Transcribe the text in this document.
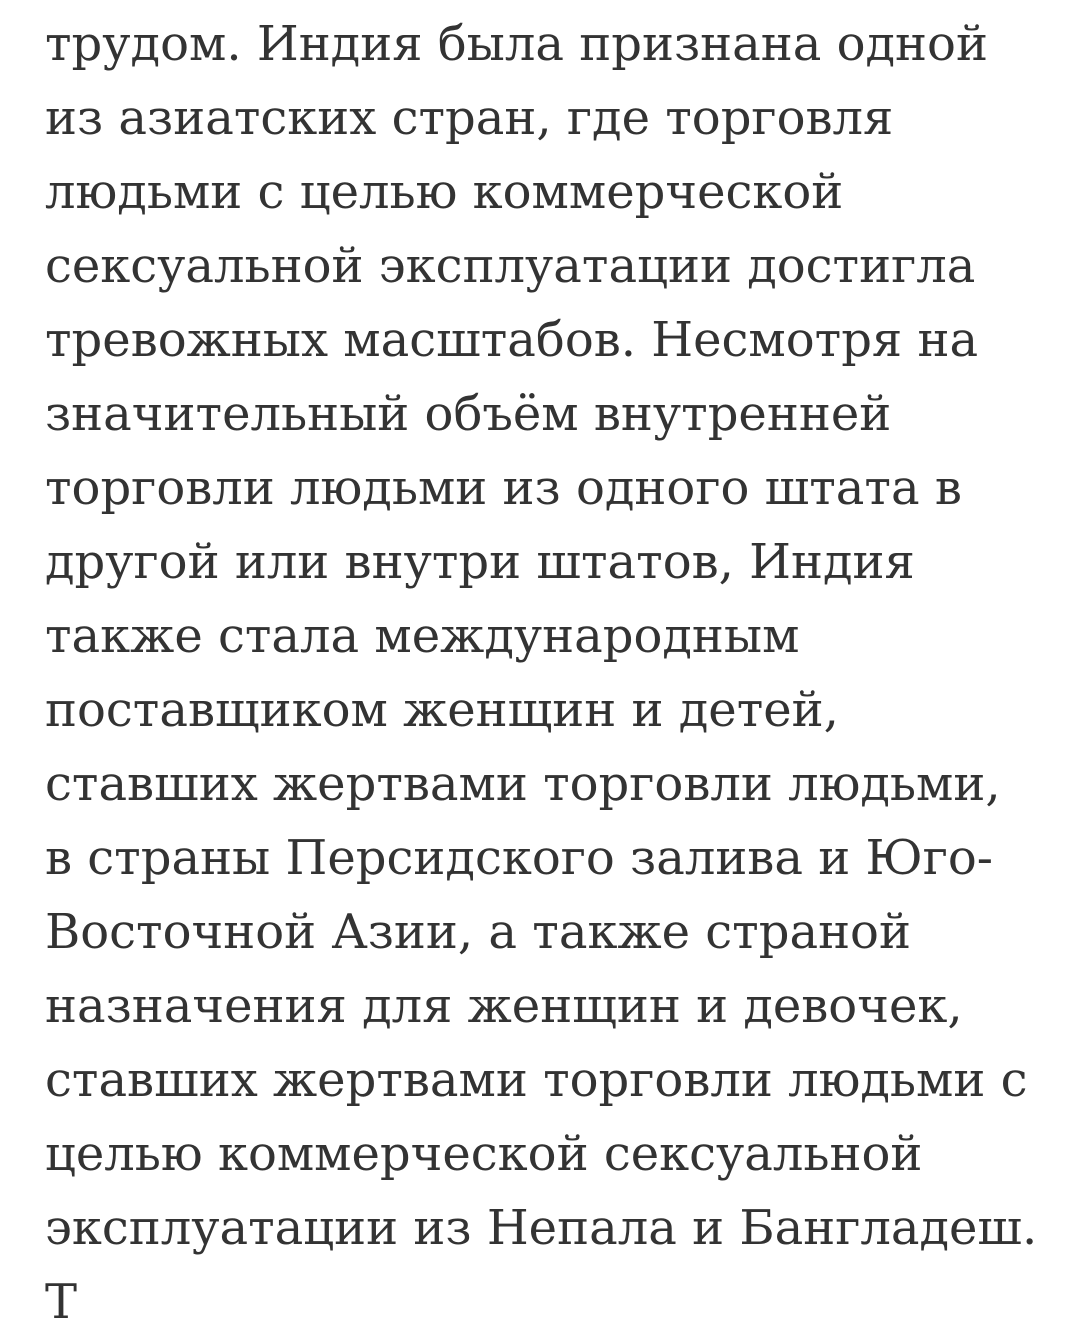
трудом. Индия была признана одной
из азиатских стран, где торговля
людьми с целью коммерческой
сексуальной эксплуатации достигла
тревожных масштабов. Несмотря на
значительный объём внутренней
торговли людьми из одного штата в
другой или внутри штатов, Индия
также стала международным
поставщиком женщин и детей,
ставших жертвами торговли людьми,
в страны Персидского залива и Юго-
Восточной Азии, а также страной
назначения для женщин и девочек,
ставших жертвами торговли людьми с
целью коммерческой сексуальной
эксплуатации из Непала и Бангладеш.
Т
